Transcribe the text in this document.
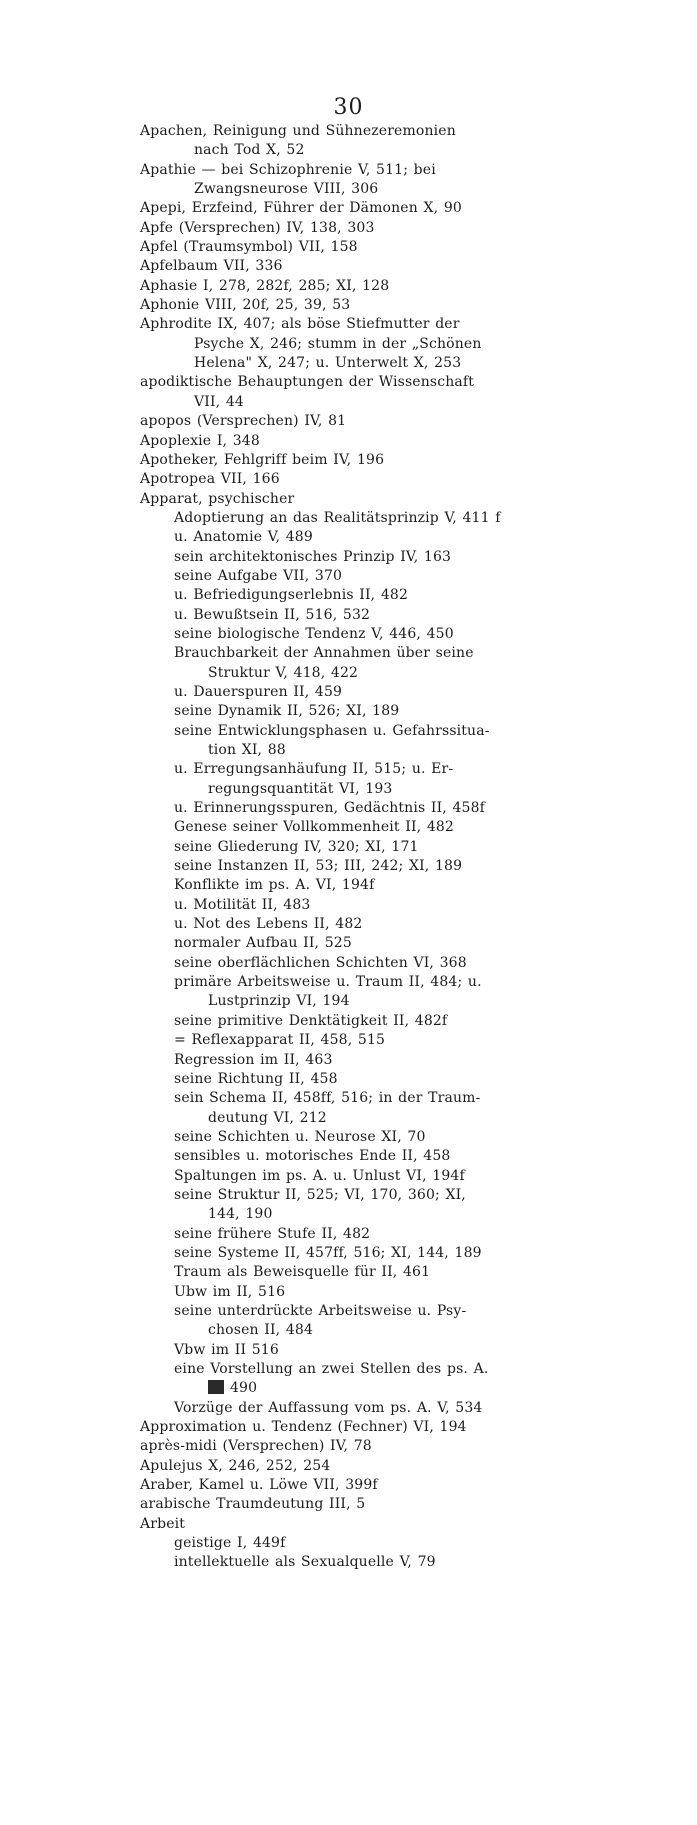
30
Apachen, Reinigung und Sühnezeremonien
nach Tod X, 52
Apathie — bei Schizophrenie V, 511; bei
Zwangsneurose VIII, 306
Apepi, Erzfeind, Führer der Dämonen X, 90
Apfe (Versprechen) IV, 138, 303
Apfel (Traumsymbol) VII, 158
Apfelbaum VII, 336
Aphasie I, 278, 282f, 285; XI, 128
Aphonie VIII, 20f, 25, 39, 53
Aphrodite IX, 407; als böse Stiefmutter der
Psyche X, 246; stumm in der „Schönen
Helena" X, 247; u. Unterwelt X, 253
apodiktische Behauptungen der Wissenschaft
VII, 44
apopos (Versprechen) IV, 81
Apoplexie I, 348
Apotheker, Fehlgriff beim IV, 196
Apotropea VII, 166
Apparat, psychischer
Adoptierung an das Realitätsprinzip V, 411 f
u. Anatomie V, 489
sein architektonisches Prinzip IV, 163
seine Aufgabe VII, 370
u. Befriedigungserlebnis II, 482
u. Bewußtsein II, 516, 532
seine biologische Tendenz V, 446, 450
Brauchbarkeit der Annahmen über seine
Struktur V, 418, 422
u. Dauerspuren II, 459
seine Dynamik II, 526; XI, 189
seine Entwicklungsphasen u. Gefahrssitua-
tion XI, 88
u. Erregungsanhäufung II, 515; u. Er-
regungsquantität VI, 193
u. Erinnerungsspuren, Gedächtnis II, 458f
Genese seiner Vollkommenheit II, 482
seine Gliederung IV, 320; XI, 171
seine Instanzen II, 53; III, 242; XI, 189
Konflikte im ps. A. VI, 194f
u. Motilität II, 483
u. Not des Lebens II, 482
normaler Aufbau II, 525
seine oberflächlichen Schichten VI, 368
primäre Arbeitsweise u. Traum II, 484; u.
Lustprinzip VI, 194
seine primitive Denktätigkeit II, 482f
= Reflexapparat II, 458, 515
Regression im II, 463
seine Richtung II, 458
sein Schema II, 458ff, 516; in der Traum-
deutung VI, 212
seine Schichten u. Neurose XI, 70
sensibles u. motorisches Ende II, 458
Spaltungen im ps. A. u. Unlust VI, 194f
seine Struktur II, 525; VI, 170, 360; XI,
144, 190
seine frühere Stufe II, 482
seine Systeme II, 457ff, 516; XI, 144, 189
Traum als Beweisquelle für II, 461
Ubw im II, 516
seine unterdrückte Arbeitsweise u. Psy-
chosen II, 484
Vbw im II 516
eine Vorstellung an zwei Stellen des ps. A.
490
Vorzüge der Auffassung vom ps. A. V, 534
Approximation u. Tendenz (Fechner) VI, 194
après-midi (Versprechen) IV, 78
Apulejus X, 246, 252, 254
Araber, Kamel u. Löwe VII, 399f
arabische Traumdeutung III, 5
Arbeit
geistige I, 449f
intellektuelle als Sexualquelle V, 79
